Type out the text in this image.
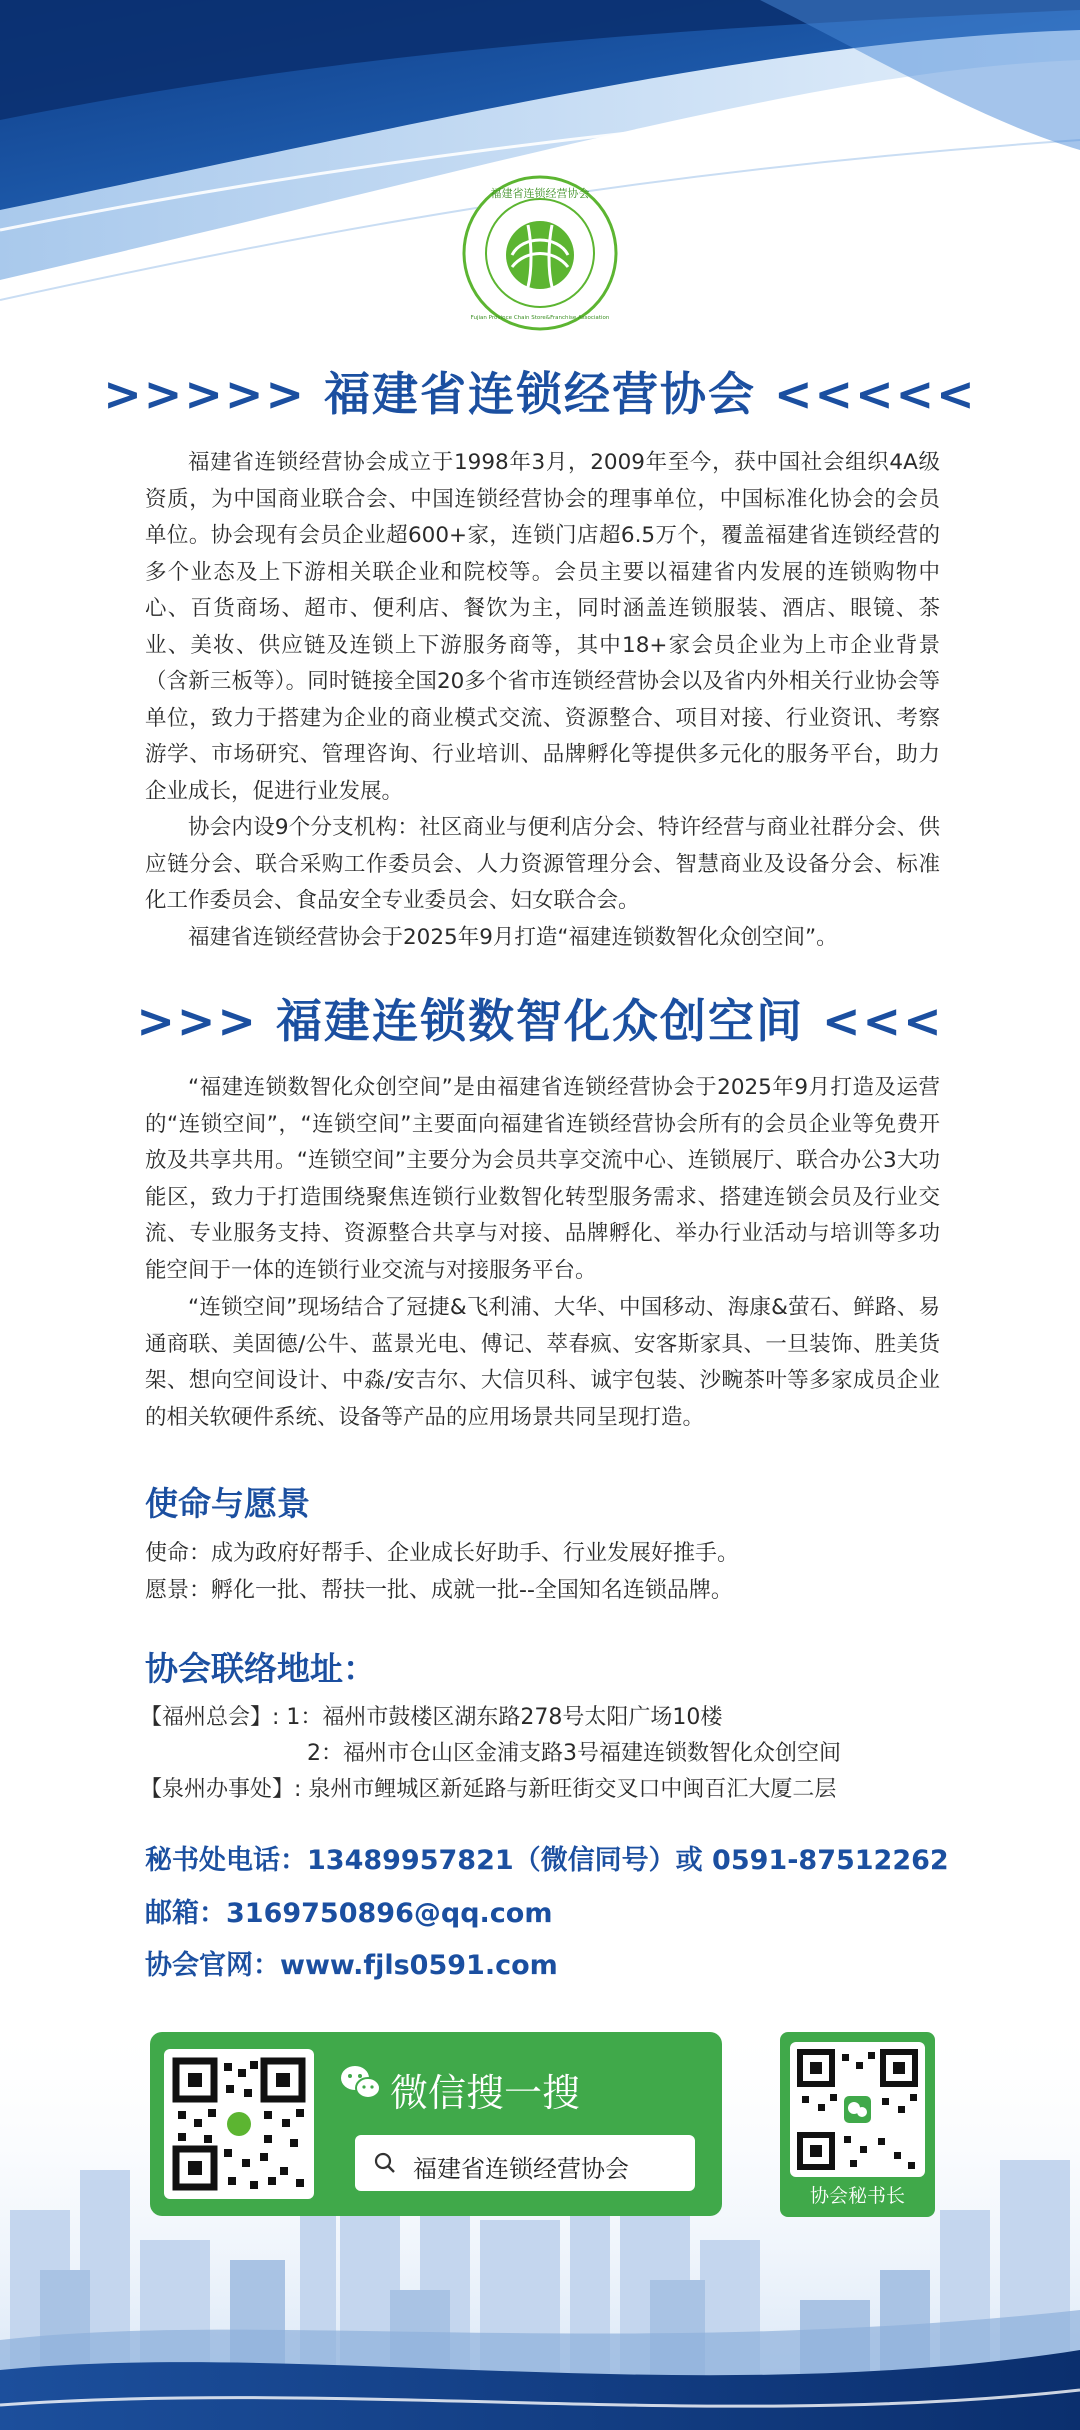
福建省连锁经营协会
Fujian Province Chain Store&Franchise Association
>>>>> 福建省连锁经营协会 <<<<<

福建省连锁经营协会成立于1998年3月，2009年至今，获中国社会组织4A级资质，为中国商业联合会、中国连锁经营协会的理事单位，中国标准化协会的会员单位。协会现有会员企业超600+家，连锁门店超6.5万个，覆盖福建省连锁经营的多个业态及上下游相关联企业和院校等。会员主要以福建省内发展的连锁购物中心、百货商场、超市、便利店、餐饮为主，同时涵盖连锁服装、酒店、眼镜、茶业、美妆、供应链及连锁上下游服务商等，其中18+家会员企业为上市企业背景（含新三板等）。同时链接全国20多个省市连锁经营协会以及省内外相关行业协会等单位，致力于搭建为企业的商业模式交流、资源整合、项目对接、行业资讯、考察游学、市场研究、管理咨询、行业培训、品牌孵化等提供多元化的服务平台，助力企业成长，促进行业发展。

协会内设9个分支机构：社区商业与便利店分会、特许经营与商业社群分会、供应链分会、联合采购工作委员会、人力资源管理分会、智慧商业及设备分会、标准化工作委员会、食品安全专业委员会、妇女联合会。

福建省连锁经营协会于2025年9月打造“福建连锁数智化众创空间”。

>>> 福建连锁数智化众创空间 <<<

“福建连锁数智化众创空间”是由福建省连锁经营协会于2025年9月打造及运营的“连锁空间”，“连锁空间”主要面向福建省连锁经营协会所有的会员企业等免费开放及共享共用。“连锁空间”主要分为会员共享交流中心、连锁展厅、联合办公3大功能区，致力于打造围绕聚焦连锁行业数智化转型服务需求、搭建连锁会员及行业交流、专业服务支持、资源整合共享与对接、品牌孵化、举办行业活动与培训等多功能空间于一体的连锁行业交流与对接服务平台。

“连锁空间”现场结合了冠捷&飞利浦、大华、中国移动、海康&萤石、鲜路、易通商联、美固德/公牛、蓝景光电、傅记、萃春疯、安客斯家具、一旦装饰、胜美货架、想向空间设计、中淼/安吉尔、大信贝科、诚宇包装、沙畹茶叶等多家成员企业的相关软硬件系统、设备等产品的应用场景共同呈现打造。

使命与愿景
使命：成为政府好帮手、企业成长好助手、行业发展好推手。
愿景：孵化一批、帮扶一批、成就一批--全国知名连锁品牌。
协会联络地址：
【福州总会】: 1：福州市鼓楼区湖东路278号太阳广场10楼
2：福州市仓山区金浦支路3号福建连锁数智化众创空间
【泉州办事处】: 泉州市鲤城区新延路与新旺街交叉口中闽百汇大厦二层
秘书处电话：13489957821（微信同号）或 0591-87512262
邮箱：3169750896@qq.com
协会官网：www.fjls0591.com
微信搜一搜
福建省连锁经营协会
协会秘书长
